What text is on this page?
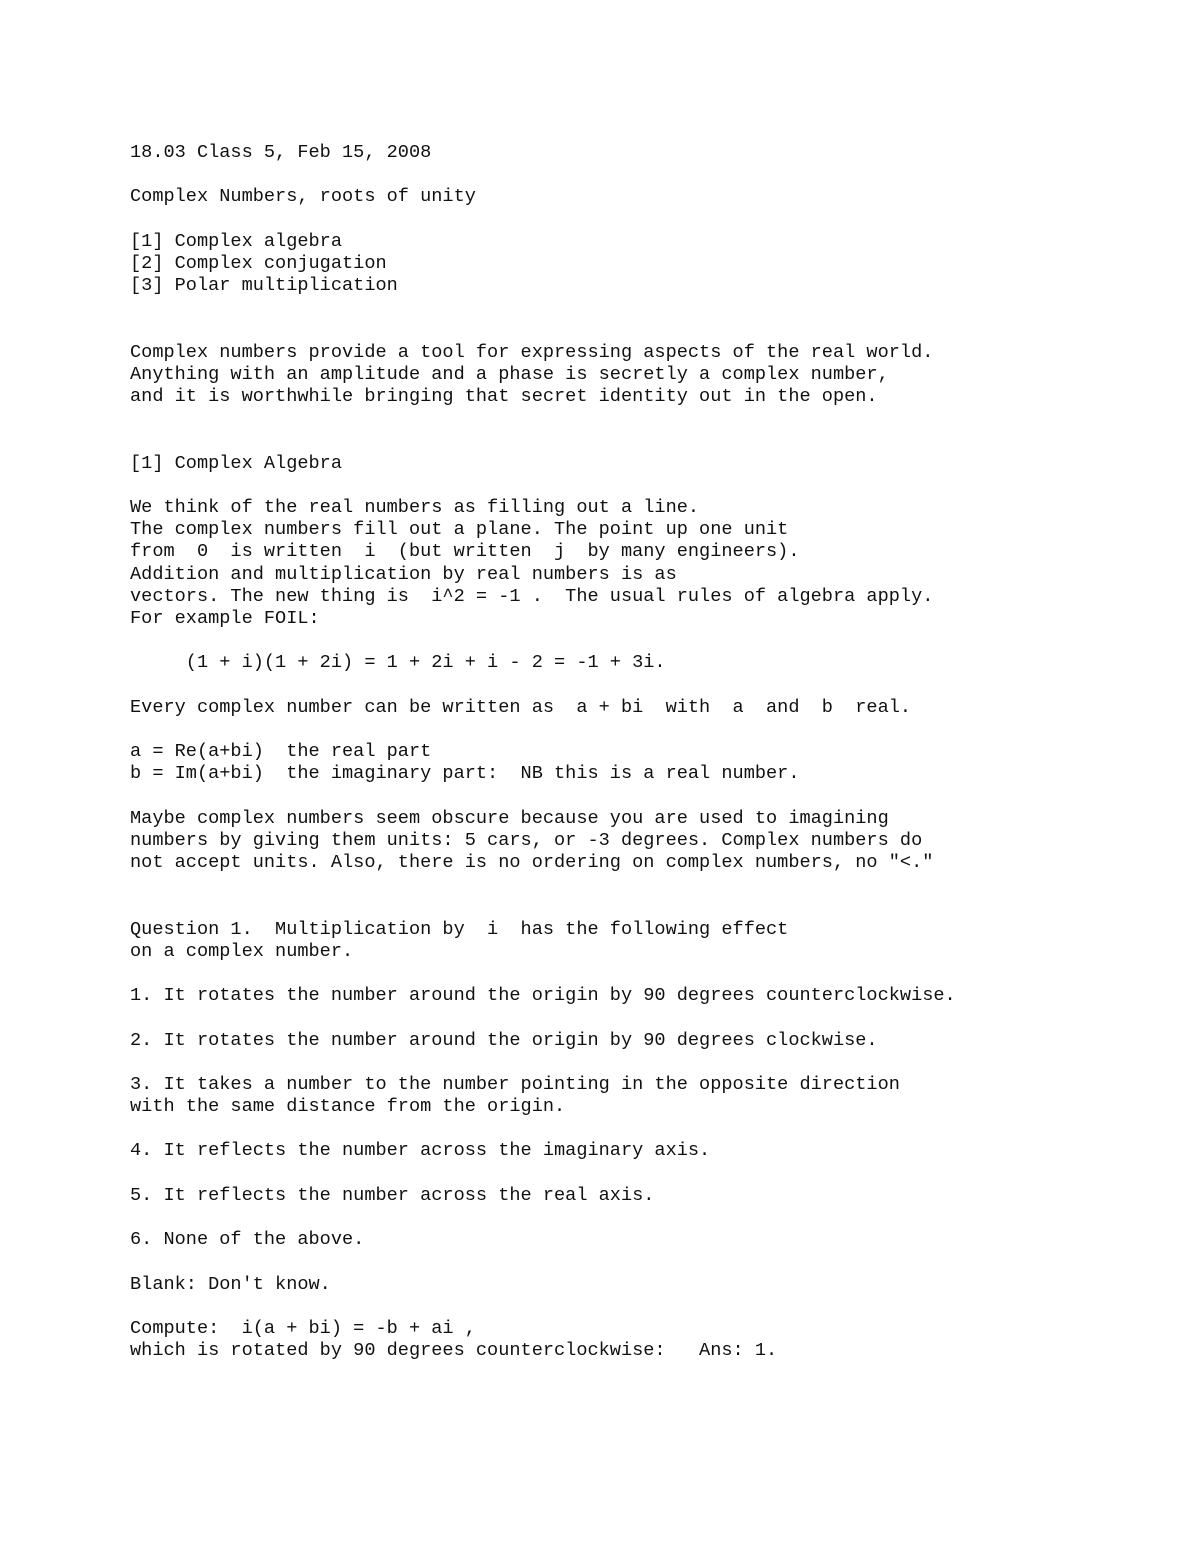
18.03 Class 5, Feb 15, 2008
Complex Numbers, roots of unity
[1] Complex algebra
[2] Complex conjugation
[3] Polar multiplication
Complex numbers provide a tool for expressing aspects of the real world.
Anything with an amplitude and a phase is secretly a complex number,
and it is worthwhile bringing that secret identity out in the open.
[1] Complex Algebra
We think of the real numbers as filling out a line.
The complex numbers fill out a plane. The point up one unit
from  0  is written  i  (but written  j  by many engineers).
Addition and multiplication by real numbers is as
vectors. The new thing is  i^2 = -1 .  The usual rules of algebra apply.
For example FOIL:
(1 + i)(1 + 2i) = 1 + 2i + i - 2 = -1 + 3i.
Every complex number can be written as  a + bi  with  a  and  b  real.
a = Re(a+bi)  the real part
b = Im(a+bi)  the imaginary part:  NB this is a real number.
Maybe complex numbers seem obscure because you are used to imagining
numbers by giving them units: 5 cars, or -3 degrees. Complex numbers do
not accept units. Also, there is no ordering on complex numbers, no "<."
Question 1.  Multiplication by  i  has the following effect
on a complex number.
1. It rotates the number around the origin by 90 degrees counterclockwise.
2. It rotates the number around the origin by 90 degrees clockwise.
3. It takes a number to the number pointing in the opposite direction
with the same distance from the origin.
4. It reflects the number across the imaginary axis.
5. It reflects the number across the real axis.
6. None of the above.
Blank: Don't know.
Compute:  i(a + bi) = -b + ai ,
which is rotated by 90 degrees counterclockwise:   Ans: 1.
